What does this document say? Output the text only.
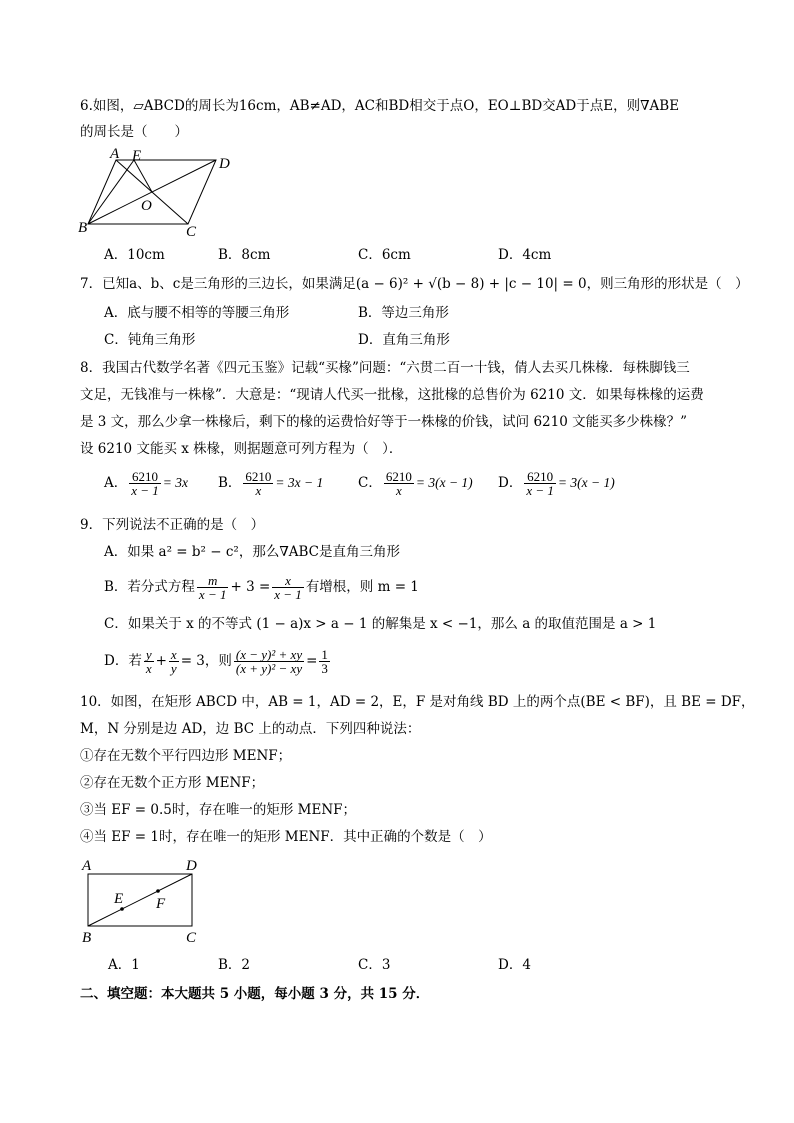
6.如图，▱ABCD的周长为16cm，AB≠AD，AC和BD相交于点O，EO⊥BD交AD于点E，则∇ABE
的周长是（　　）
A E	D
O
B	C
A．10cm	B．8cm	C．6cm	D．4cm
7．已知a、b、c是三角形的三边长，如果满足(a − 6)² + √(b − 8) + |c − 10| = 0，则三角形的形状是（　）
A．底与腰不相等的等腰三角形	B．等边三角形
C．钝角三角形	D．直角三角形
8．我国古代数学名著《四元玉鉴》记载“买椽”问题：“六贯二百一十钱，倩人去买几株椽．每株脚钱三
文足，无钱准与一株椽”．大意是：“现请人代买一批椽，这批椽的总售价为 6210 文．如果每株椽的运费
是 3 文，那么少拿一株椽后，剩下的椽的运费恰好等于一株椽的价钱，试问 6210 文能买多少株椽？”
设 6210 文能买 x 株椽，则据题意可列方程为（　）．
A． $\frac{6210}{x - 1} = 3x$ B． $\frac{6210}{x} = 3x - 1$	C． $\frac{6210}{x} = 3(x - 1)$ D． $\frac{6210}{x - 1} = 3(x - 1)$
9．下列说法不正确的是（　）
A．如果 a² = b² − c²，那么∇ABC是直角三角形
B．若分式方程 $\frac{m}{x - 1} + 3 = \frac{x}{x - 1}$ 有增根，则 m = 1
C．如果关于 x 的不等式 (1 − a)x > a − 1 的解集是 x < −1，那么 a 的取值范围是 a > 1
D．若 $\frac{y}{x} + \frac{x}{y} = 3$，则 $\frac{\text{(x − y)² + xy}}{\text{(x + y)² − xy}} = \frac{1}{3}$
10．如图，在矩形 ABCD 中，AB = 1，AD = 2，E，F 是对角线 BD 上的两个点(BE < BF)，且 BE = DF，
M，N 分别是边 AD，边 BC 上的动点．下列四种说法：
①存在无数个平行四边形 MENF；
②存在无数个正方形 MENF；
③当 EF = 0.5时，存在唯一的矩形 MENF；
④当 EF = 1时，存在唯一的矩形 MENF．其中正确的个数是（　）
A	D
E F
B	C
A．1	B．2	C．3	D．4
二、填空题：本大题共 5 小题，每小题 3 分，共 15 分．
